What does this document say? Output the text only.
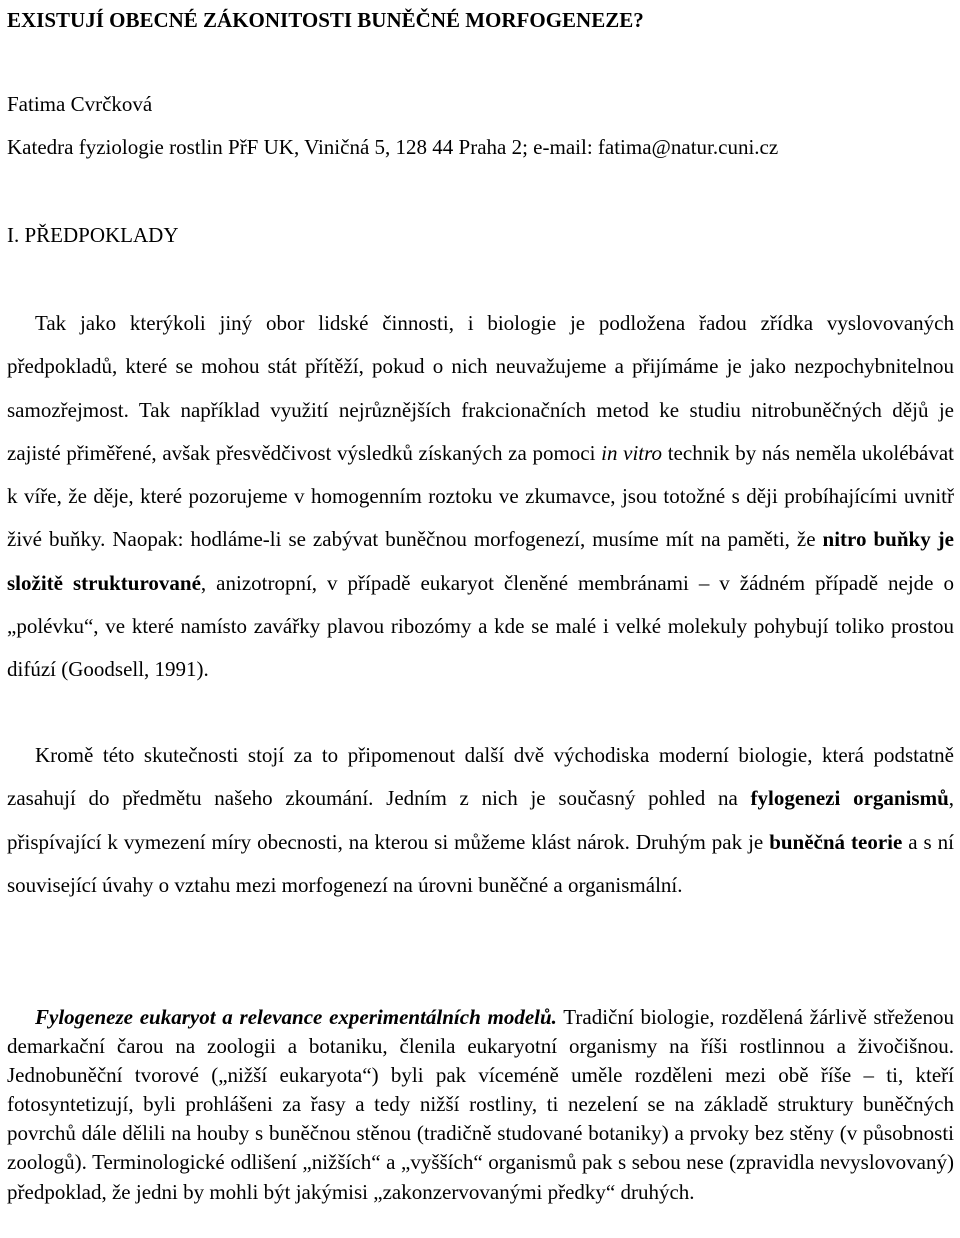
EXISTUJÍ OBECNÉ ZÁKONITOSTI BUNĚČNÉ MORFOGENEZE?
Fatima Cvrčková
Katedra fyziologie rostlin PřF UK, Viničná 5, 128 44 Praha 2; e-mail: fatima@natur.cuni.cz
I. PŘEDPOKLADY
Tak jako kterýkoli jiný obor lidské činnosti, i biologie je podložena řadou zřídka vyslovovaných předpokladů, které se mohou stát přítěží, pokud o nich neuvažujeme a přijímáme je jako nezpochybnitelnou samozřejmost. Tak například využití nejrůznějších frakcionačních metod ke studiu nitrobuněčných dějů je zajisté přiměřené, avšak přesvědčivost výsledků získaných za pomoci in vitro technik by nás neměla ukolébávat k víře, že děje, které pozorujeme v homogenním roztoku ve zkumavce, jsou totožné s ději probíhajícími uvnitř živé buňky. Naopak: hodláme-li se zabývat buněčnou morfogenezí, musíme mít na paměti, že nitro buňky je složitě strukturované, anizotropní, v případě eukaryot členěné membránami – v žádném případě nejde o „polévku“, ve které namísto zavářky plavou ribozómy a kde se malé i velké molekuly pohybují toliko prostou difúzí (Goodsell, 1991).
Kromě této skutečnosti stojí za to připomenout další dvě východiska moderní biologie, která podstatně zasahují do předmětu našeho zkoumání. Jedním z nich je současný pohled na fylogenezi organismů, přispívající k vymezení míry obecnosti, na kterou si můžeme klást nárok. Druhým pak je buněčná teorie a s ní související úvahy o vztahu mezi morfogenezí na úrovni buněčné a organismální.
Fylogeneze eukaryot a relevance experimentálních modelů. Tradiční biologie, rozdělená žárlivě střeženou demarkační čarou na zoologii a botaniku, členila eukaryotní organismy na říši rostlinnou a živočišnou. Jednobuněční tvorové („nižší eukaryota“) byli pak víceméně uměle rozděleni mezi obě říše – ti, kteří fotosyntetizují, byli prohlášeni za řasy a tedy nižší rostliny, ti nezelení se na základě struktury buněčných povrchů dále dělili na houby s buněčnou stěnou (tradičně studované botaniky) a prvoky bez stěny (v působnosti zoologů). Terminologické odlišení „nižších“ a „vyšších“ organismů pak s sebou nese (zpravidla nevyslovovaný) předpoklad, že jedni by mohli být jakýmisi „zakonzervovanými předky“ druhých.
